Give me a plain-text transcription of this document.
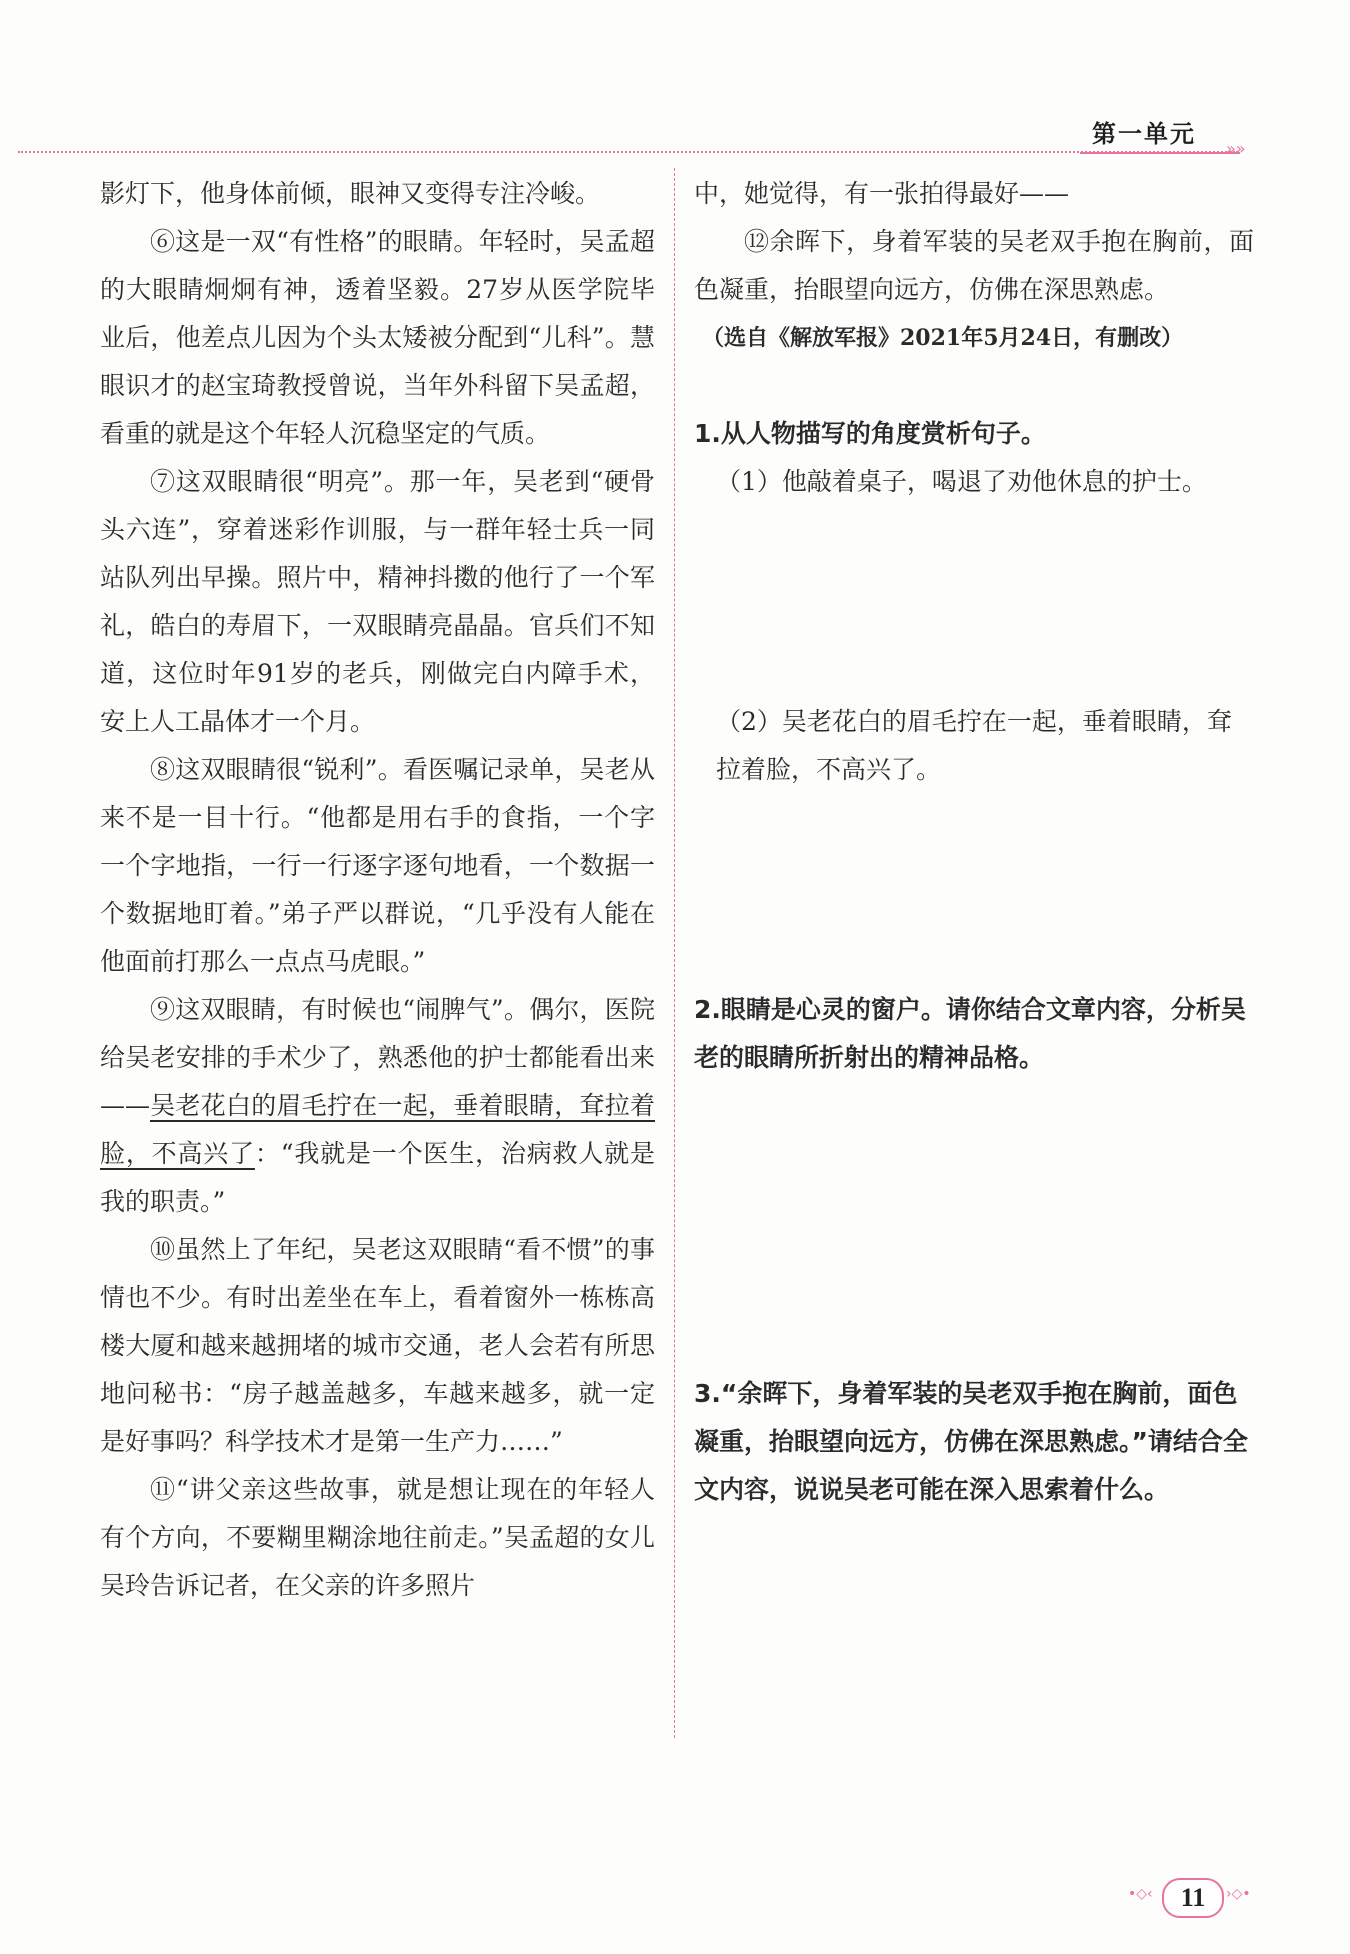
第一单元
»»

影灯下，他身体前倾，眼神又变得专注冷峻。

⑥这是一双“有性格”的眼睛。年轻时，吴孟超的大眼睛炯炯有神，透着坚毅。27岁从医学院毕业后，他差点儿因为个头太矮被分配到“儿科”。慧眼识才的赵宝琦教授曾说，当年外科留下吴孟超，看重的就是这个年轻人沉稳坚定的气质。

⑦这双眼睛很“明亮”。那一年，吴老到“硬骨头六连”，穿着迷彩作训服，与一群年轻士兵一同站队列出早操。照片中，精神抖擞的他行了一个军礼，皓白的寿眉下，一双眼睛亮晶晶。官兵们不知道，这位时年91岁的老兵，刚做完白内障手术，安上人工晶体才一个月。

⑧这双眼睛很“锐利”。看医嘱记录单，吴老从来不是一目十行。“他都是用右手的食指，一个字一个字地指，一行一行逐字逐句地看，一个数据一个数据地盯着。”弟子严以群说，“几乎没有人能在他面前打那么一点点马虎眼。”

⑨这双眼睛，有时候也“闹脾气”。偶尔，医院给吴老安排的手术少了，熟悉他的护士都能看出来——吴老花白的眉毛拧在一起，垂着眼睛，耷拉着脸，不高兴了：“我就是一个医生，治病救人就是我的职责。”

⑩虽然上了年纪，吴老这双眼睛“看不惯”的事情也不少。有时出差坐在车上，看着窗外一栋栋高楼大厦和越来越拥堵的城市交通，老人会若有所思地问秘书：“房子越盖越多，车越来越多，就一定是好事吗？科学技术才是第一生产力……”

⑪“讲父亲这些故事，就是想让现在的年轻人有个方向，不要糊里糊涂地往前走。”吴孟超的女儿吴玲告诉记者，在父亲的许多照片

中，她觉得，有一张拍得最好——

⑫余晖下，身着军装的吴老双手抱在胸前，面色凝重，抬眼望向远方，仿佛在深思熟虑。

（选自《解放军报》2021年5月24日，有删改）

1.从人物描写的角度赏析句子。
（1）他敲着桌子，喝退了劝他休息的护士。
（2）吴老花白的眉毛拧在一起，垂着眼睛，耷拉着脸，不高兴了。
2.眼睛是心灵的窗户。请你结合文章内容，分析吴老的眼睛所折射出的精神品格。
3.“余晖下，身着军装的吴老双手抱在胸前，面色凝重，抬眼望向远方，仿佛在深思熟虑。”请结合全文内容，说说吴老可能在深入思索着什么。
•◇‹	11	›◇•
